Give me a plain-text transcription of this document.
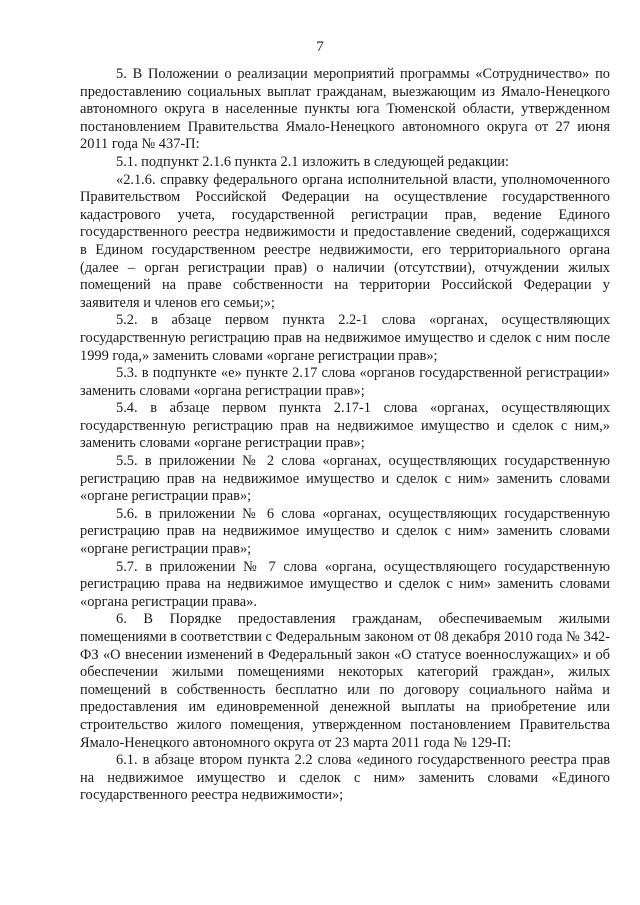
7

5. В Положении о реализации мероприятий программы «Сотрудничество» по предоставлению социальных выплат гражданам, выезжающим из Ямало-Ненецкого автономного округа в населенные пункты юга Тюменской области, утвержденном постановлением Правительства Ямало-Ненецкого автономного округа от 27 июня 2011 года № 437-П:

5.1. подпункт 2.1.6 пункта 2.1 изложить в следующей редакции:

«2.1.6. справку федерального органа исполнительной власти, уполномоченного Правительством Российской Федерации на осуществление государственного кадастрового учета, государственной регистрации прав, ведение Единого государственного реестра недвижимости и предоставление сведений, содержащихся в Едином государственном реестре недвижимости, его территориального органа (далее – орган регистрации прав) о наличии (отсутствии), отчуждении жилых помещений на праве собственности на территории Российской Федерации у заявителя и членов его семьи;»;

5.2. в абзаце первом пункта 2.2-1 слова «органах, осуществляющих государственную регистрацию прав на недвижимое имущество и сделок с ним после 1999 года,» заменить словами «органе регистрации прав»;

5.3. в подпункте «е» пункте 2.17 слова «органов государственной регистрации» заменить словами «органа регистрации прав»;

5.4. в абзаце первом пункта 2.17-1 слова «органах, осуществляющих государственную регистрацию прав на недвижимое имущество и сделок с ним,» заменить словами «органе регистрации прав»;

5.5. в приложении № 2 слова «органах, осуществляющих государственную регистрацию прав на недвижимое имущество и сделок с ним» заменить словами «органе регистрации прав»;

5.6. в приложении № 6 слова «органах, осуществляющих государственную регистрацию прав на недвижимое имущество и сделок с ним» заменить словами «органе регистрации прав»;

5.7. в приложении № 7 слова «органа, осуществляющего государственную регистрацию права на недвижимое имущество и сделок с ним» заменить словами «органа регистрации права».

6. В Порядке предоставления гражданам, обеспечиваемым жилыми помещениями в соответствии с Федеральным законом от 08 декабря 2010 года № 342-ФЗ «О внесении изменений в Федеральный закон «О статусе военнослужащих» и об обеспечении жилыми помещениями некоторых категорий граждан», жилых помещений в собственность бесплатно или по договору социального найма и предоставления им единовременной денежной выплаты на приобретение или строительство жилого помещения, утвержденном постановлением Правительства Ямало-Ненецкого автономного округа от 23 марта 2011 года № 129-П:

6.1. в абзаце втором пункта 2.2 слова «единого государственного реестра прав на недвижимое имущество и сделок с ним» заменить словами «Единого государственного реестра недвижимости»;
